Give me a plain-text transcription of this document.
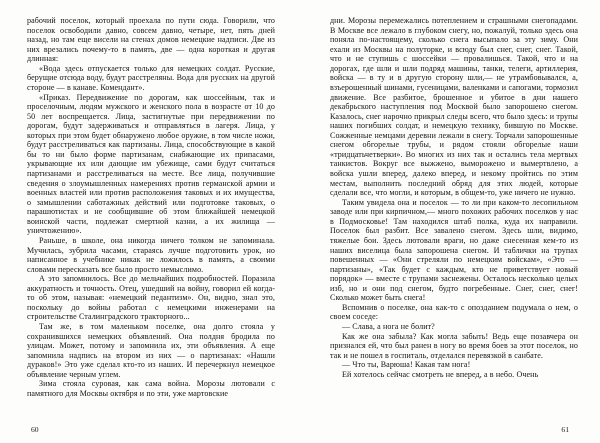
рабочий поселок, который проехала по пути сюда. Говорили, что поселок освободили давно, совсем давно, четыре, нет, пять дней назад, но там еще висели на стенах домов немецкие надписи. Две из них врезались почему-то в память, две — одна короткая и другая длинная:

«Вода здесь отпускается только для немецких солдат. Русские, берущие отсюда воду, будут расстреляны. Вода для русских на другой стороне — в канаве. Комендант».

«Приказ. Передвижение по дорогам, как шоссейным, так и проселочным, людям мужского и женского пола в возрасте от 10 до 50 лет воспрещается. Лица, застигнутые при передвижении по дорогам, будут задерживаться и отправляться в лагеря. Лица, у которых при этом будет обнаружено любое оружие, в том числе ножи, будут расстреливаться как партизаны. Лица, способствующие в какой бы то ни было форме партизанам, снабжающие их припасами, укрывающие их или дающие им убежище, сами будут считаться партизанами и расстреливаться на месте. Все лица, получившие сведения о злоумышленных намерениях против германской армии и военных властей или против расположения таковых и их имущества, о замышлении саботажных действий или подготовке таковых, о парашютистах и не сообщившие об этом ближайшей немецкой воинской части, подлежат смертной казни, а их жилища — уничтожению».

Раньше, в школе, она никогда ничего толком не запоминала. Мучилась, зубрила часами, стараясь лучше подготовить урок, но написанное в учебнике никак не ложилось в память, а своими словами пересказать все было просто немыслимо.

А это запомнилось. Все до мельчайших подробностей. Поразила аккуратность и точность. Отец, ушедший на войну, говорил ей когда-то об этом, называя: «немецкий педантизм». Он, видно, знал это, поскольку до войны работал с немецкими инженерами на строительстве Сталинградского тракторного...

Там же, в том маленьком поселке, она долго стояла у сохранившихся немецких объявлений. Она полдня бродила по улицам. Может, потому и запомнила их, эти объявления. А еще запомнила надпись на втором из них — о партизанах: «Нашли дураков!» Это уже сделал кто-то из наших. И перечеркнул немецкое объявление черным углем.

Зима стояла суровая, как сама война. Морозы лютовали с памятного для Москвы октября и по эти, уже мартовские

60

дни. Морозы перемежались потеплением и страшными снегопадами. В Москве все лежало в глубоком снегу, но, пожалуй, только здесь она поняла по-настоящему, сколько снега высыпало за эту зиму. Они ехали из Москвы на полуторке, и всюду был снег, снег, снег. Такой, что и не ступишь с шоссейки — провалишься. Такой, что и на дорогах, где шли и шли подряд машины, танки, телеги, артиллерия, войска — в ту и в другую сторону шли,— не утрамбовывался, а, взъерошенный шинами, гусеницами, валенками и сапогами, тормозил движение. Все разбитое, брошенное и убитое в дни нашего декабрьского наступления под Москвой было запорошено снегом. Казалось, снег нарочно прикрыл следы всего, что было здесь: и трупы наших погибших солдат, и немецкую технику, бившую по Москве. Сожженные немцами деревни лежали в снегу. Торчали запорошенные снегом обгорелые трубы, и рядом стояли обгорелые наши «тридцатьчетверки». Во многих из них так и остались тела мертвых танкистов. Вокруг все выжжено, выморожено и вымертвлено, а войска ушли вперед, далеко вперед, и некому пройтись по этим местам, выполнить последний обряд для этих людей, которые сделали все, что могли, и которым, в общем-то, уже ничего не нужно.

Таким увидела она и поселок — то ли при каком-то лесопильном заводе или при кирпичном,— много похожих рабочих поселков у нас в Подмосковье! Там находился штаб полка, куда их направили. Поселок был разбит. Все завалено снегом. Здесь шли, видимо, тяжелые бои. Здесь лютовали враги, но даже снесенная кем-то из наших виселица была запорошена снегом. И таблички на трупах повешенных — «Они стреляли по немецким войскам», «Это — партизаны», «Так будет с каждым, кто не приветствует новый порядок» — вместе с трупами заснежены. Осталось несколько целых изб, но и они под снегом, будто погребенные. Снег, снег, снег! Сколько может быть снега!

Вспомнив о поселке, она как-то с опозданием подумала о нем, о своем соседе:

— Слава, а нога не болит?

Как же она забыла? Как могла забыть! Ведь еще позавчера он признался ей, что был ранен в ногу во время боев за этот поселок, но так и не пошел в госпиталь, отделался перевязкой в санбате.

— Что ты, Варюша! Какая там нога!

Ей хотелось сейчас смотреть не вперед, а в небо. Очень

61
